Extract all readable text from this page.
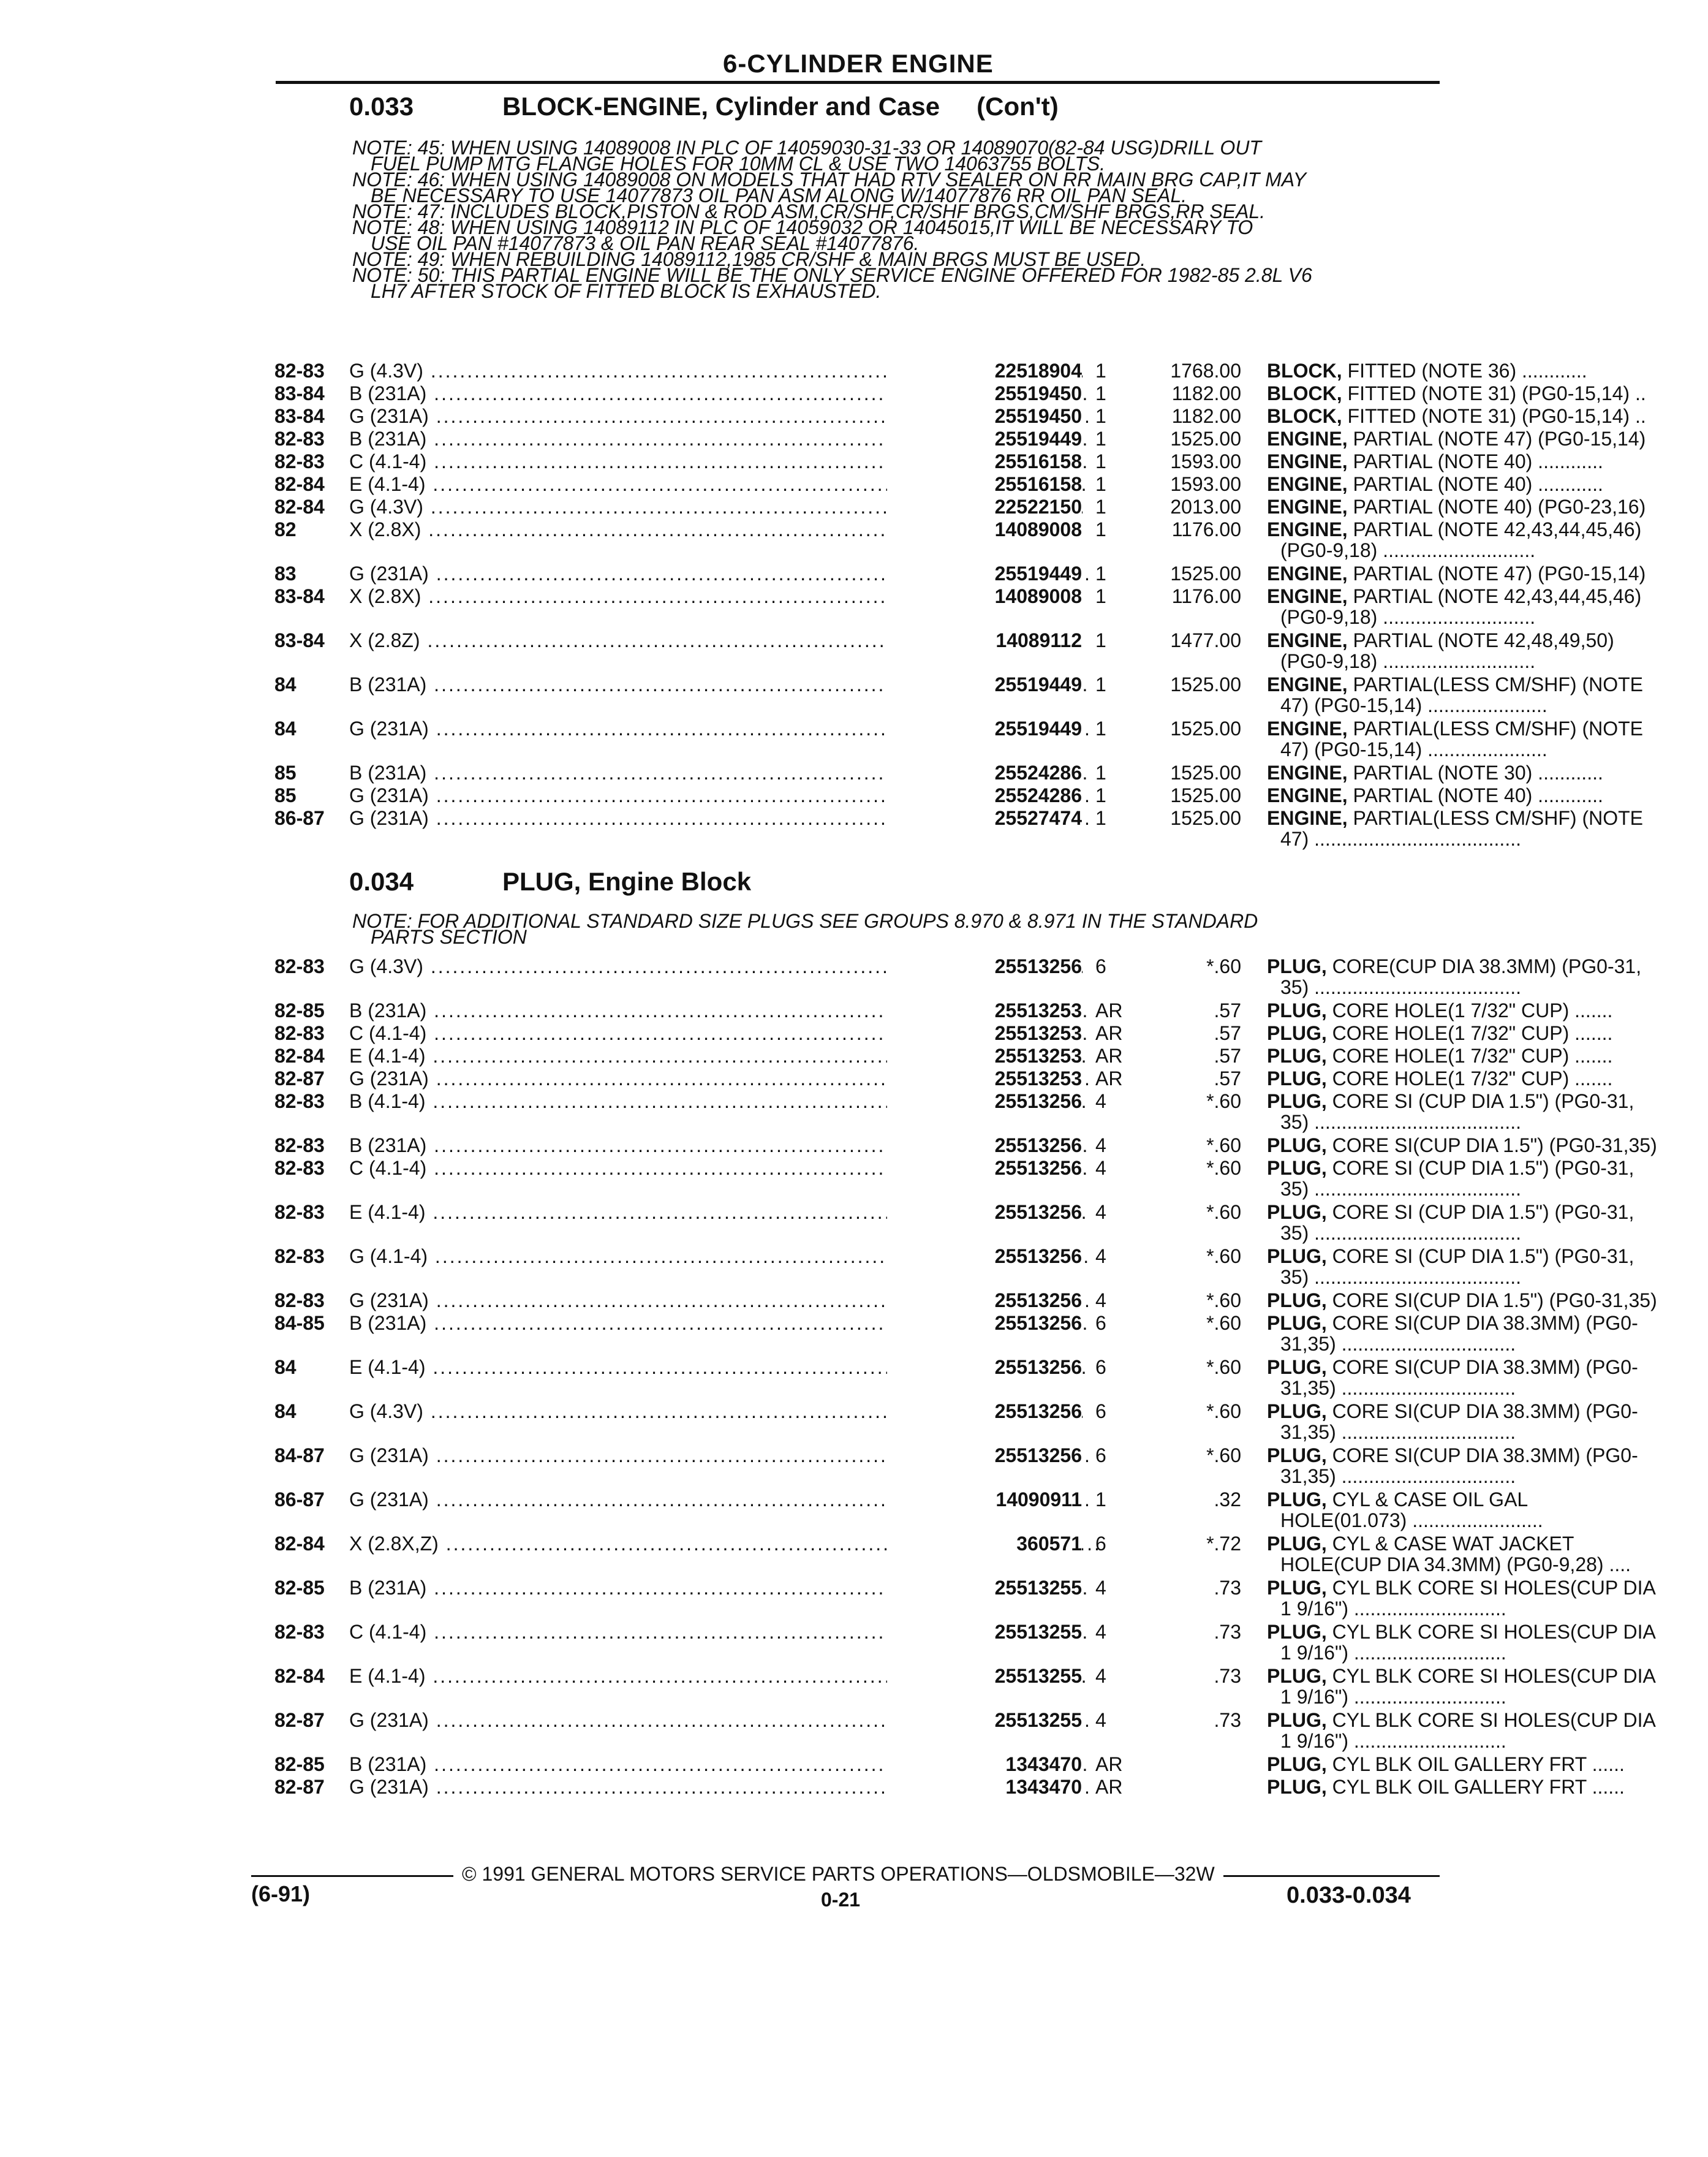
6-CYLINDER ENGINE
0.033	BLOCK-ENGINE, Cylinder and Case (Con't)
NOTE: 45: WHEN USING 14089008 IN PLC OF 14059030-31-33 OR 14089070(82-84 USG)DRILL OUT
FUEL PUMP MTG FLANGE HOLES FOR 10MM CL & USE TWO 14063755 BOLTS.
NOTE: 46: WHEN USING 14089008 ON MODELS THAT HAD RTV SEALER ON RR MAIN BRG CAP,IT MAY
BE NECESSARY TO USE 14077873 OIL PAN ASM ALONG W/14077876 RR OIL PAN SEAL.
NOTE: 47: INCLUDES BLOCK,PISTON & ROD ASM,CR/SHF,CR/SHF BRGS,CM/SHF BRGS,RR SEAL.
NOTE: 48: WHEN USING 14089112 IN PLC OF 14059032 OR 14045015,IT WILL BE NECESSARY TO
USE OIL PAN #14077873 & OIL PAN REAR SEAL #14077876.
NOTE: 49: WHEN REBUILDING 14089112,1985 CR/SHF & MAIN BRGS MUST BE USED.
NOTE: 50: THIS PARTIAL ENGINE WILL BE THE ONLY SERVICE ENGINE OFFERED FOR 1982-85 2.8L V6
LH7 AFTER STOCK OF FITTED BLOCK IS EXHAUSTED.
82-83 G (4.3V) .....	22518904 1	1768.00 BLOCK, FITTED (NOTE 36) ............
83-84 B (231A) .....	25519450 1	1182.00 BLOCK, FITTED (NOTE 31) (PG0-15,14) ..
83-84 G (231A) .....	25519450 1	1182.00 BLOCK, FITTED (NOTE 31) (PG0-15,14) ..
82-83 B (231A) .....	25519449 1	1525.00 ENGINE, PARTIAL (NOTE 47) (PG0-15,14)
82-83 C (4.1-4) .....	25516158 1	1593.00 ENGINE, PARTIAL (NOTE 40) ............
82-84 E (4.1-4) .....	25516158 1	1593.00 ENGINE, PARTIAL (NOTE 40) ............
82-84 G (4.3V) .....	22522150 1	2013.00 ENGINE, PARTIAL (NOTE 40) (PG0-23,16)
82	X (2.8X) .....	14089008 1	1176.00 ENGINE, PARTIAL (NOTE 42,43,44,45,46)
(PG0-9,18) ............................
83	G (231A) .....	25519449 1	1525.00 ENGINE, PARTIAL (NOTE 47) (PG0-15,14)
83-84 X (2.8X) .....	14089008 1	1176.00 ENGINE, PARTIAL (NOTE 42,43,44,45,46)
(PG0-9,18) ............................
83-84 X (2.8Z) .....	14089112 1	1477.00 ENGINE, PARTIAL (NOTE 42,48,49,50)
(PG0-9,18) ............................
84	B (231A) .....	25519449 1	1525.00 ENGINE, PARTIAL(LESS CM/SHF) (NOTE
47) (PG0-15,14) ......................
84	G (231A) .....	25519449 1	1525.00 ENGINE, PARTIAL(LESS CM/SHF) (NOTE
47) (PG0-15,14) ......................
85	B (231A) .....	25524286 1	1525.00 ENGINE, PARTIAL (NOTE 30) ............
85	G (231A) .....	25524286 1	1525.00 ENGINE, PARTIAL (NOTE 40) ............
86-87 G (231A) .....	25527474 1	1525.00 ENGINE, PARTIAL(LESS CM/SHF) (NOTE
47) ......................................
0.034	PLUG, Engine Block
NOTE: FOR ADDITIONAL STANDARD SIZE PLUGS SEE GROUPS 8.970 & 8.971 IN THE STANDARD
PARTS SECTION
82-83 G (4.3V) .....	25513256 6	*.60 PLUG, CORE(CUP DIA 38.3MM) (PG0-31,
35) ......................................
82-85 B (231A) .....	25513253 AR	.57 PLUG, CORE HOLE(1 7/32" CUP) .......
82-83 C (4.1-4) .....	25513253 AR	.57 PLUG, CORE HOLE(1 7/32" CUP) .......
82-84 E (4.1-4) .....	25513253 AR	.57 PLUG, CORE HOLE(1 7/32" CUP) .......
82-87 G (231A) .....	25513253 AR	.57 PLUG, CORE HOLE(1 7/32" CUP) .......
82-83 B (4.1-4) .....	25513256 4	*.60 PLUG, CORE SI (CUP DIA 1.5") (PG0-31,
35) ......................................
82-83 B (231A) .....	25513256 4	*.60 PLUG, CORE SI(CUP DIA 1.5") (PG0-31,35)
82-83 C (4.1-4) .....	25513256 4	*.60 PLUG, CORE SI (CUP DIA 1.5") (PG0-31,
35) ......................................
82-83 E (4.1-4) .....	25513256 4	*.60 PLUG, CORE SI (CUP DIA 1.5") (PG0-31,
35) ......................................
82-83 G (4.1-4) .....	25513256 4	*.60 PLUG, CORE SI (CUP DIA 1.5") (PG0-31,
35) ......................................
82-83 G (231A) .....	25513256 4	*.60 PLUG, CORE SI(CUP DIA 1.5") (PG0-31,35)
84-85 B (231A) .....	25513256 6	*.60 PLUG, CORE SI(CUP DIA 38.3MM) (PG0-
31,35) ................................
84	E (4.1-4) .....	25513256 6	*.60 PLUG, CORE SI(CUP DIA 38.3MM) (PG0-
31,35) ................................
84	G (4.3V) .....	25513256 6	*.60 PLUG, CORE SI(CUP DIA 38.3MM) (PG0-
31,35) ................................
84-87 G (231A) .....	25513256 6	*.60 PLUG, CORE SI(CUP DIA 38.3MM) (PG0-
31,35) ................................
86-87 G (231A) .....	14090911 1	.32 PLUG, CYL & CASE OIL GAL
HOLE(01.073) ........................
82-84 X (2.8X,Z) .....	360571 6	*.72 PLUG, CYL & CASE WAT JACKET
HOLE(CUP DIA 34.3MM) (PG0-9,28) ....
82-85 B (231A) .....	25513255 4	.73 PLUG, CYL BLK CORE SI HOLES(CUP DIA
1 9/16") ............................
82-83 C (4.1-4) .....	25513255 4	.73 PLUG, CYL BLK CORE SI HOLES(CUP DIA
1 9/16") ............................
82-84 E (4.1-4) .....	25513255 4	.73 PLUG, CYL BLK CORE SI HOLES(CUP DIA
1 9/16") ............................
82-87 G (231A) .....	25513255 4	.73 PLUG, CYL BLK CORE SI HOLES(CUP DIA
1 9/16") ............................
82-85 B (231A) .....	1343470 AR	PLUG, CYL BLK OIL GALLERY FRT ......
82-87 G (231A) .....	1343470 AR	PLUG, CYL BLK OIL GALLERY FRT ......
© 1991 GENERAL MOTORS SERVICE PARTS OPERATIONS—OLDSMOBILE—32W
(6-91)	0-21	0.033-0.034
